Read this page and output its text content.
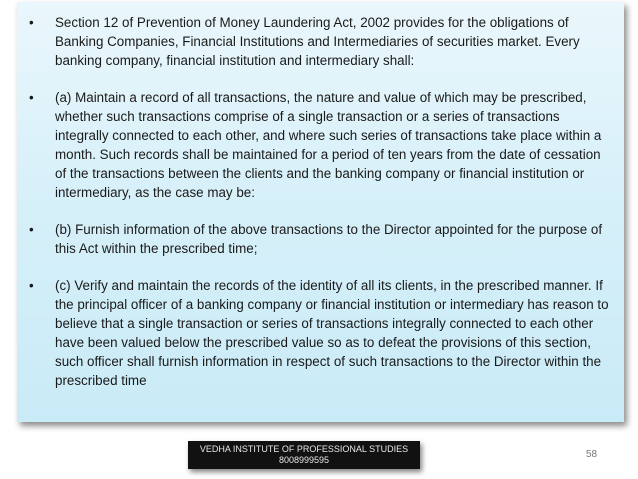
• Section 12 of Prevention of Money Laundering Act, 2002 provides for the obligations of Banking Companies, Financial Institutions and Intermediaries of securities market. Every banking company, financial institution and intermediary shall:
• (a) Maintain a record of all transactions, the nature and value of which may be prescribed,    whether such transactions comprise of a single transaction or a series of transactions integrally connected to each other, and where such series of transactions take place within a month. Such records shall be maintained for a period of ten years from the date of cessation of the transactions between the clients and the banking company or financial institution or intermediary, as the case may be:
• (b) Furnish information of the above transactions to the Director appointed for the purpose of    this Act within the prescribed time;
• (c) Verify and maintain the records of the identity of all its clients, in the prescribed manner. If the principal officer of a banking company or financial institution or intermediary has reason to believe that a single transaction or series of transactions integrally connected to each other have been valued below the prescribed value so as to defeat the provisions of this section, such officer shall furnish information in respect of such transactions to the Director within the prescribed time
VEDHA INSTITUTE OF PROFESSIONAL STUDIES
8008999595	58
